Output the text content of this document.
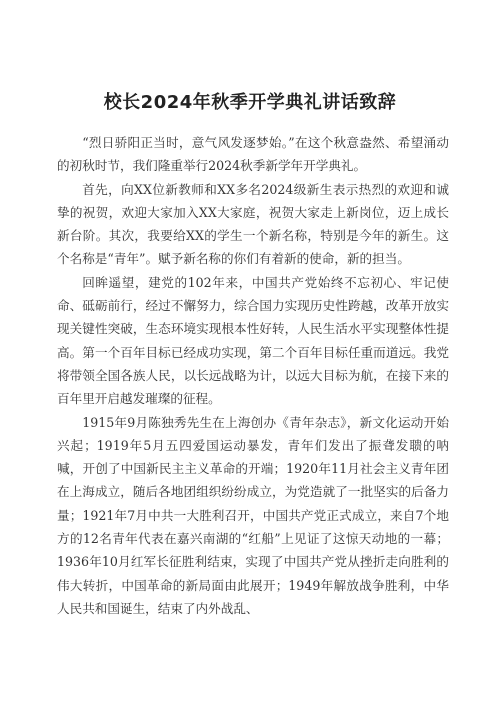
校长2024年秋季开学典礼讲话致辞

“烈日骄阳正当时，意气风发逐梦始。”在这个秋意盎然、希望涌动的初秋时节，我们隆重举行2024秋季新学年开学典礼。

首先，向XX位新教师和XX多名2024级新生表示热烈的欢迎和诚挚的祝贺，欢迎大家加入XX大家庭，祝贺大家走上新岗位，迈上成长新台阶。其次，我要给XX的学生一个新名称，特别是今年的新生。这个名称是“青年”。赋予新名称的你们有着新的使命，新的担当。

回眸遥望，建党的102年来，中国共产党始终不忘初心、牢记使命、砥砺前行，经过不懈努力，综合国力实现历史性跨越，改革开放实现关键性突破，生态环境实现根本性好转，人民生活水平实现整体性提高。第一个百年目标已经成功实现，第二个百年目标任重而道远。我党将带领全国各族人民，以长远战略为计，以远大目标为航，在接下来的百年里开启越发璀璨的征程。

1915年9月陈独秀先生在上海创办《青年杂志》，新文化运动开始兴起；1919年5月五四爱国运动暴发，青年们发出了振聋发聩的呐喊，开创了中国新民主主义革命的开端；1920年11月社会主义青年团在上海成立，随后各地团组织纷纷成立，为党造就了一批坚实的后备力量；1921年7月中共一大胜利召开，中国共产党正式成立，来自7个地方的12名青年代表在嘉兴南湖的“红船”上见证了这惊天动地的一幕；1936年10月红军长征胜利结束，实现了中国共产党从挫折走向胜利的伟大转折，中国革命的新局面由此展开；1949年解放战争胜利，中华人民共和国诞生，结束了内外战乱、
